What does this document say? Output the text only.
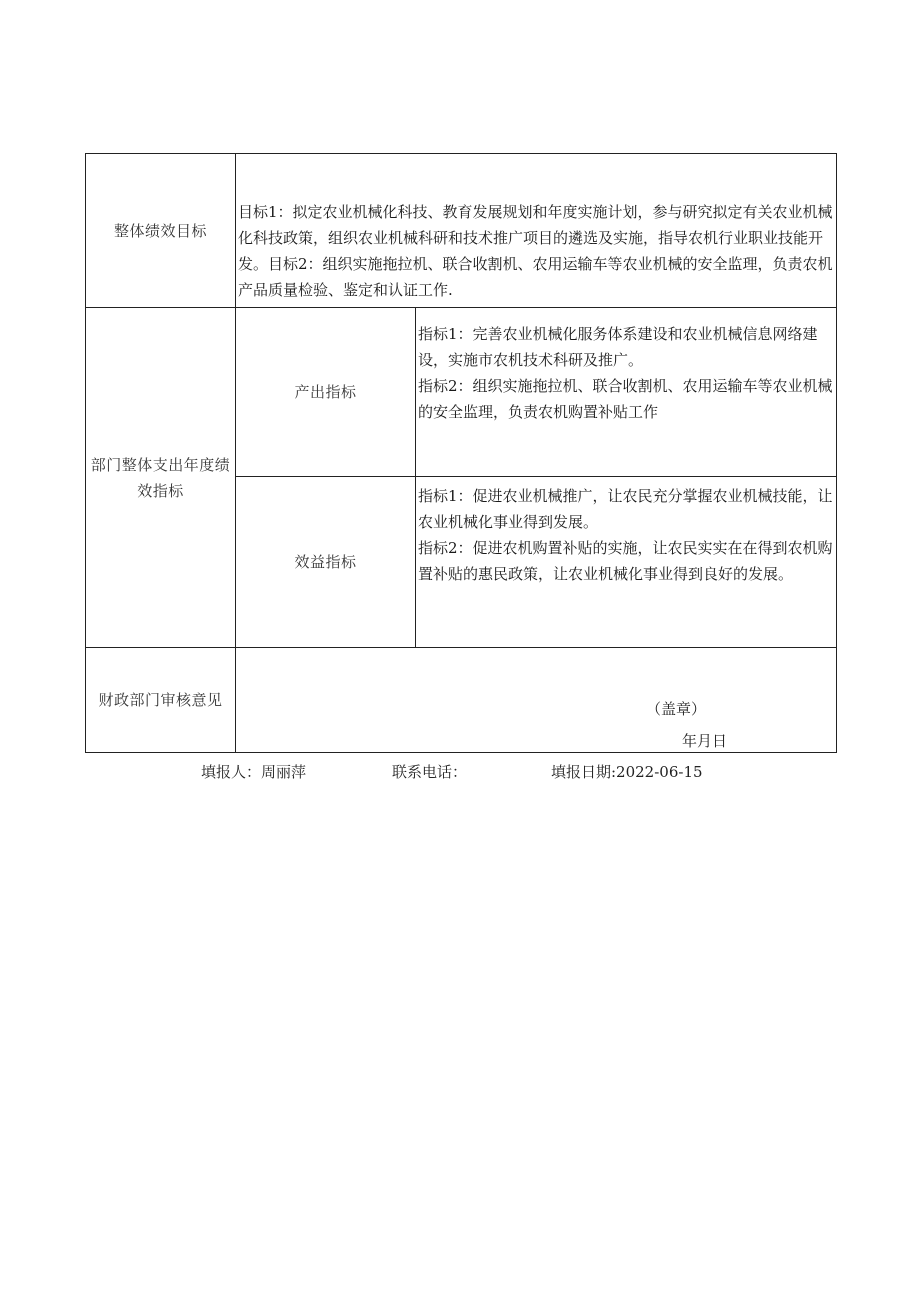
整体绩效目标	目标1：拟定农业机械化科技、教育发展规划和年度实施计划，参与研究拟定有关农业机械化科技政策，组织农业机械科研和技术推广项目的遴选及实施，指导农机行业职业技能开发。目标2：组织实施拖拉机、联合收割机、农用运输车等农业机械的安全监理，负责农机产品质量检验、鉴定和认证工作.	

部门整体支出年度绩效指标	产出指标	指标1：完善农业机械化服务体系建设和农业机械信息网络建设，实施市农机技术科研及推广。
指标2：组织实施拖拉机、联合收割机、农用运输车等农业机械的安全监理，负责农机购置补贴工作

	效益指标	指标1：促进农业机械推广，让农民充分掌握农业机械技能，让农业机械化事业得到发展。
指标2：促进农机购置补贴的实施，让农民实实在在得到农机购置补贴的惠民政策，让农业机械化事业得到良好的发展。

财政部门审核意见	（盖章）
年月日	
填报人：周丽萍	联系电话：	填报日期:2022-06-15
